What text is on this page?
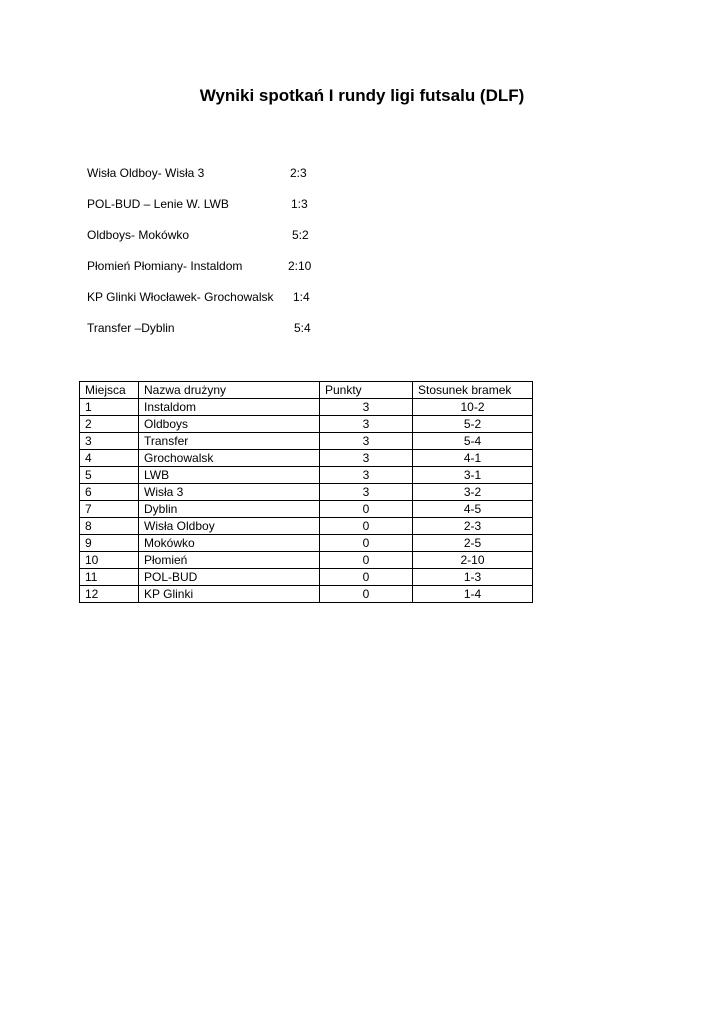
Wyniki spotkań I rundy ligi futsalu (DLF)
Wisła Oldboy- Wisła 3	2:3
POL-BUD – Lenie W. LWB	1:3
Oldboys- Mokówko	5:2
Płomień Płomiany- Instaldom	2:10
KP Glinki Włocławek- Grochowalsk 1:4
Transfer –Dyblin	5:4
Miejsca	Nazwa drużyny	Punkty	Stosunek bramek
1	Instaldom	3	10-2
2	Oldboys	3	5-2
3	Transfer	3	5-4
4	Grochowalsk	3	4-1
5	LWB	3	3-1
6	Wisła 3	3	3-2
7	Dyblin	0	4-5
8	Wisła Oldboy	0	2-3
9	Mokówko	0	2-5
10	Płomień	0	2-10
11	POL-BUD	0	1-3
12	KP Glinki	0	1-4
